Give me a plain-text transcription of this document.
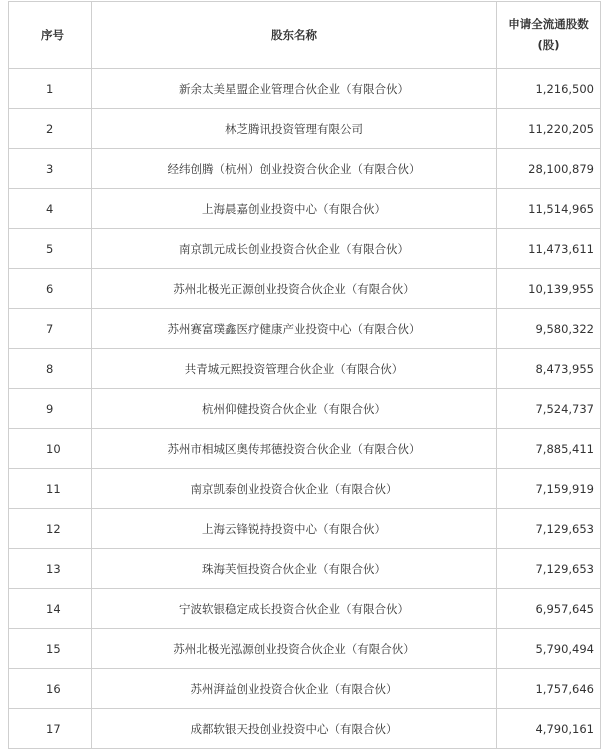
序号	股东名称	申请全流通股数(股)
1	新余太美星盟企业管理合伙企业（有限合伙）	1,216,500
2	林芝腾讯投资管理有限公司	11,220,205
3	经纬创腾（杭州）创业投资合伙企业（有限合伙）	28,100,879
4	上海晨嘉创业投资中心（有限合伙）	11,514,965
5	南京凯元成长创业投资合伙企业（有限合伙）	11,473,611
6	苏州北极光正源创业投资合伙企业（有限合伙）	10,139,955
7	苏州赛富璞鑫医疗健康产业投资中心（有限合伙）	9,580,322
8	共青城元熙投资管理合伙企业（有限合伙）	8,473,955
9	杭州仰健投资合伙企业（有限合伙）	7,524,737
10	苏州市相城区奥传邦德投资合伙企业（有限合伙）	7,885,411
11	南京凯泰创业投资合伙企业（有限合伙）	7,159,919
12	上海云锋锐持投资中心（有限合伙）	7,129,653
13	珠海芙恒投资合伙企业（有限合伙）	7,129,653
14	宁波软银稳定成长投资合伙企业（有限合伙）	6,957,645
15	苏州北极光泓源创业投资合伙企业（有限合伙）	5,790,494
16	苏州湃益创业投资合伙企业（有限合伙）	1,757,646
17	成都软银天投创业投资中心（有限合伙）	4,790,161
